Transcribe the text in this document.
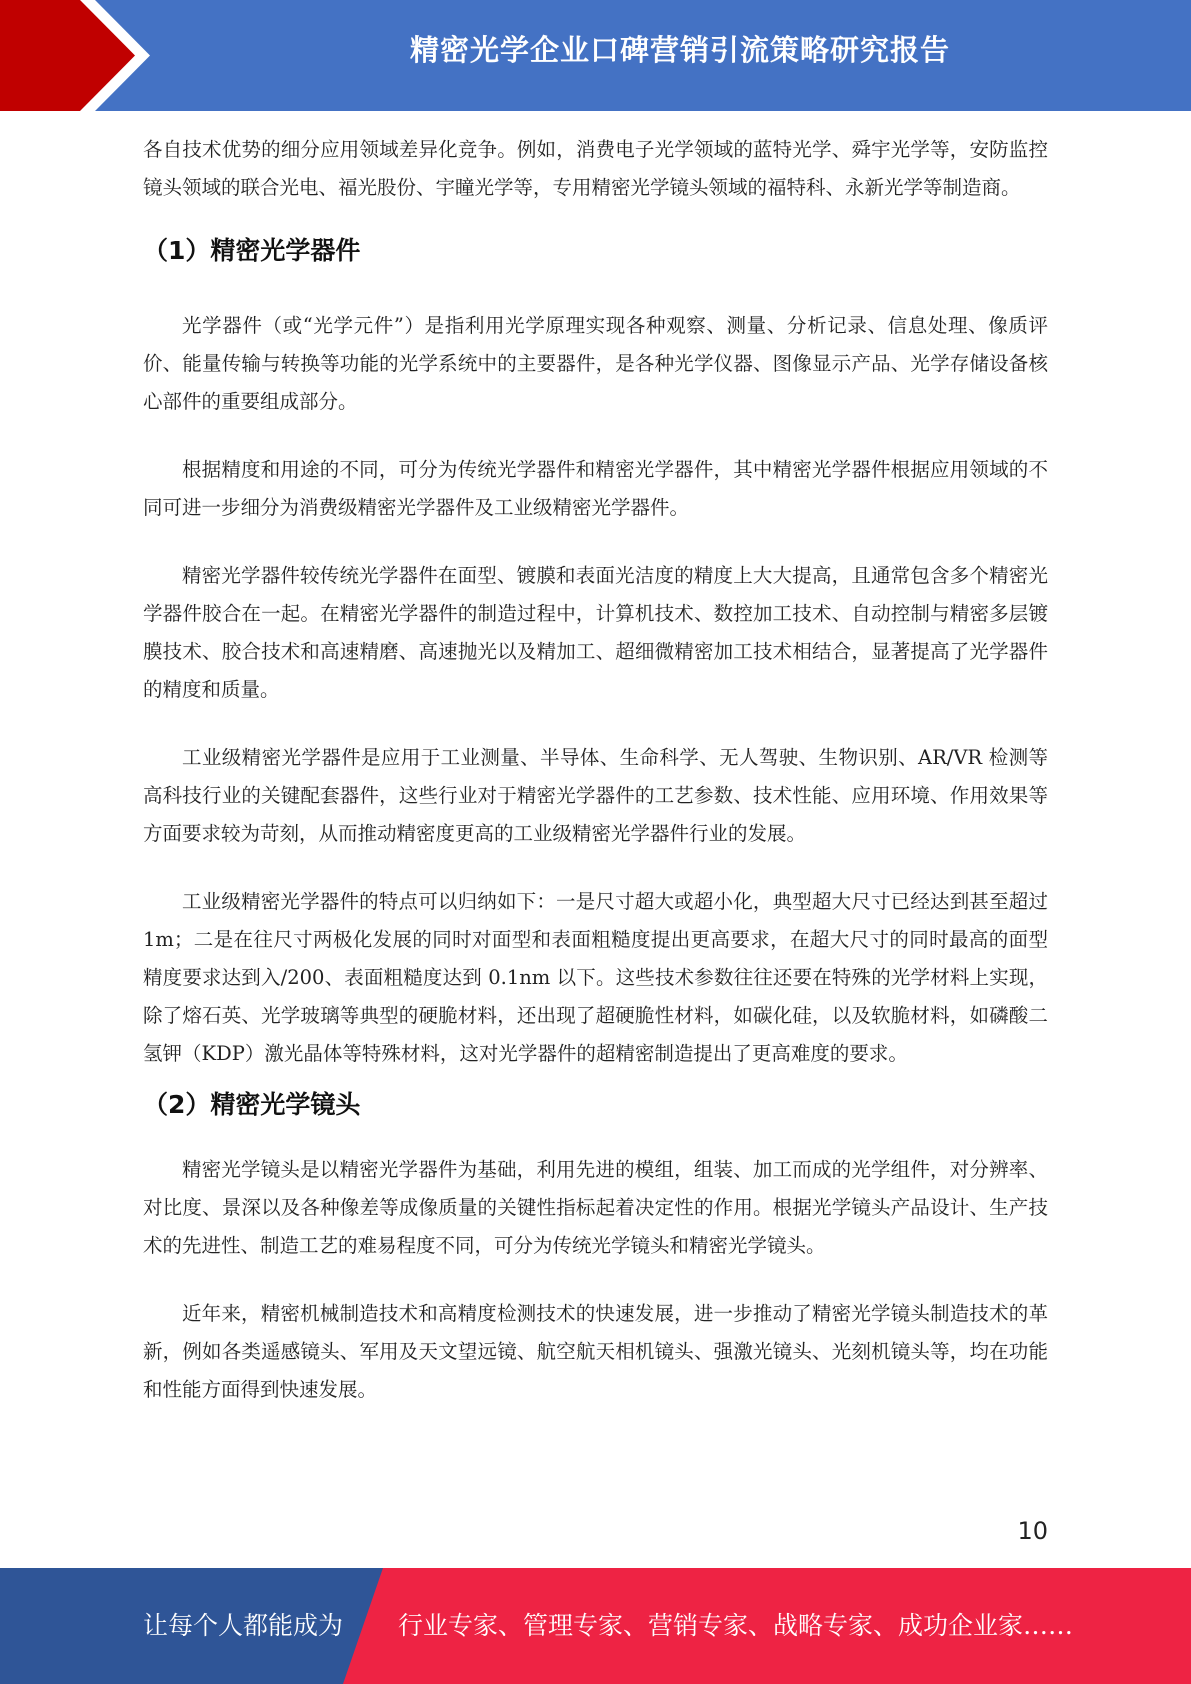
精密光学企业口碑营销引流策略研究报告

各自技术优势的细分应用领域差异化竞争。例如，消费电子光学领域的蓝特光学、舜宇光学等，安防监控镜头领域的联合光电、福光股份、宇瞳光学等，专用精密光学镜头领域的福特科、永新光学等制造商。

（1）精密光学器件

光学器件（或“光学元件”）是指利用光学原理实现各种观察、测量、分析记录、信息处理、像质评价、能量传输与转换等功能的光学系统中的主要器件，是各种光学仪器、图像显示产品、光学存储设备核心部件的重要组成部分。

根据精度和用途的不同，可分为传统光学器件和精密光学器件，其中精密光学器件根据应用领域的不同可进一步细分为消费级精密光学器件及工业级精密光学器件。

精密光学器件较传统光学器件在面型、镀膜和表面光洁度的精度上大大提高，且通常包含多个精密光学器件胶合在一起。在精密光学器件的制造过程中，计算机技术、数控加工技术、自动控制与精密多层镀膜技术、胶合技术和高速精磨、高速抛光以及精加工、超细微精密加工技术相结合，显著提高了光学器件的精度和质量。

工业级精密光学器件是应用于工业测量、半导体、生命科学、无人驾驶、生物识别、AR/VR 检测等高科技行业的关键配套器件，这些行业对于精密光学器件的工艺参数、技术性能、应用环境、作用效果等方面要求较为苛刻，从而推动精密度更高的工业级精密光学器件行业的发展。

工业级精密光学器件的特点可以归纳如下：一是尺寸超大或超小化，典型超大尺寸已经达到甚至超过 1m；二是在往尺寸两极化发展的同时对面型和表面粗糙度提出更高要求，在超大尺寸的同时最高的面型精度要求达到入/200、表面粗糙度达到 0.1nm 以下。这些技术参数往往还要在特殊的光学材料上实现，除了熔石英、光学玻璃等典型的硬脆材料，还出现了超硬脆性材料，如碳化硅，以及软脆材料，如磷酸二氢钾（KDP）激光晶体等特殊材料，这对光学器件的超精密制造提出了更高难度的要求。

（2）精密光学镜头

精密光学镜头是以精密光学器件为基础，利用先进的模组，组装、加工而成的光学组件，对分辨率、对比度、景深以及各种像差等成像质量的关键性指标起着决定性的作用。根据光学镜头产品设计、生产技术的先进性、制造工艺的难易程度不同，可分为传统光学镜头和精密光学镜头。

近年来，精密机械制造技术和高精度检测技术的快速发展，进一步推动了精密光学镜头制造技术的革新，例如各类遥感镜头、军用及天文望远镜、航空航天相机镜头、强激光镜头、光刻机镜头等，均在功能和性能方面得到快速发展。

10
让每个人都能成为 行业专家、管理专家、营销专家、战略专家、成功企业家……
